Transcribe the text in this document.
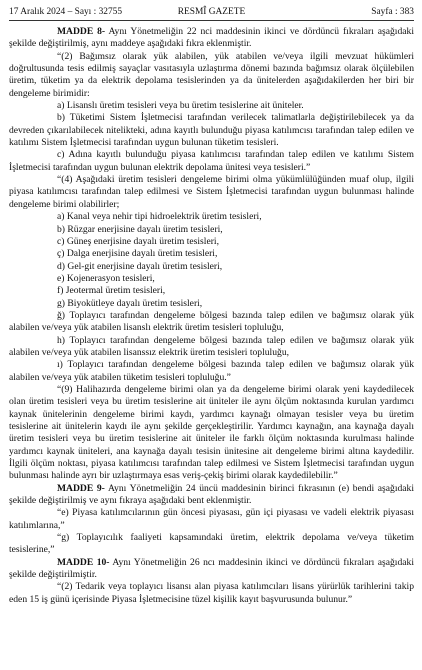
17 Aralık 2024 – Sayı : 32755	RESMÎ GAZETE	Sayfa : 383

MADDE 8- Aynı Yönetmeliğin 22 nci maddesinin ikinci ve dördüncü fıkraları aşağıdaki şekilde değiştirilmiş, aynı maddeye aşağıdaki fıkra eklenmiştir.

“(2) Bağımsız olarak yük alabilen, yük atabilen ve/veya ilgili mevzuat hükümleri doğrultusunda tesis edilmiş sayaçlar vasıtasıyla uzlaştırma dönemi bazında bağımsız olarak ölçülebilen üretim, tüketim ya da elektrik depolama tesislerinden ya da ünitelerden aşağıdakilerden her biri bir dengeleme birimidir:

a) Lisanslı üretim tesisleri veya bu üretim tesislerine ait üniteler.

b) Tüketimi Sistem İşletmecisi tarafından verilecek talimatlarla değiştirilebilecek ya da devreden çıkarılabilecek nitelikteki, adına kayıtlı bulunduğu piyasa katılımcısı tarafından talep edilen ve katılımı Sistem İşletmecisi tarafından uygun bulunan tüketim tesisleri.

c) Adına kayıtlı bulunduğu piyasa katılımcısı tarafından talep edilen ve katılımı Sistem İşletmecisi tarafından uygun bulunan elektrik depolama ünitesi veya tesisleri.”

“(4) Aşağıdaki üretim tesisleri dengeleme birimi olma yükümlülüğünden muaf olup, ilgili piyasa katılımcısı tarafından talep edilmesi ve Sistem İşletmecisi tarafından uygun bulunması halinde dengeleme birimi olabilirler;

a) Kanal veya nehir tipi hidroelektrik üretim tesisleri,

b) Rüzgar enerjisine dayalı üretim tesisleri,

c) Güneş enerjisine dayalı üretim tesisleri,

ç) Dalga enerjisine dayalı üretim tesisleri,

d) Gel-git enerjisine dayalı üretim tesisleri,

e) Kojenerasyon tesisleri,

f) Jeotermal üretim tesisleri,

g) Biyokütleye dayalı üretim tesisleri,

ğ) Toplayıcı tarafından dengeleme bölgesi bazında talep edilen ve bağımsız olarak yük alabilen ve/veya yük atabilen lisanslı elektrik üretim tesisleri topluluğu,

h) Toplayıcı tarafından dengeleme bölgesi bazında talep edilen ve bağımsız olarak yük alabilen ve/veya yük atabilen lisanssız elektrik üretim tesisleri topluluğu,

ı) Toplayıcı tarafından dengeleme bölgesi bazında talep edilen ve bağımsız olarak yük alabilen ve/veya yük atabilen tüketim tesisleri topluluğu.”

“(9) Halihazırda dengeleme birimi olan ya da dengeleme birimi olarak yeni kaydedilecek olan üretim tesisleri veya bu üretim tesislerine ait üniteler ile aynı ölçüm noktasında kurulan yardımcı kaynak ünitelerinin dengeleme birimi kaydı, yardımcı kaynağı olmayan tesisler veya bu üretim tesislerine ait ünitelerin kaydı ile aynı şekilde gerçekleştirilir. Yardımcı kaynağın, ana kaynağa dayalı üretim tesisleri veya bu üretim tesislerine ait üniteler ile farklı ölçüm noktasında kurulması halinde yardımcı kaynak üniteleri, ana kaynağa dayalı tesisin ünitesine ait dengeleme birimi altına kaydedilir. İlgili ölçüm noktası, piyasa katılımcısı tarafından talep edilmesi ve Sistem İşletmecisi tarafından uygun bulunması halinde ayrı bir uzlaştırmaya esas veriş-çekiş birimi olarak kaydedilebilir.”

MADDE 9- Aynı Yönetmeliğin 24 üncü maddesinin birinci fıkrasının (e) bendi aşağıdaki şekilde değiştirilmiş ve aynı fıkraya aşağıdaki bent eklenmiştir.

“e) Piyasa katılımcılarının gün öncesi piyasası, gün içi piyasası ve vadeli elektrik piyasası katılımlarına,”

“g) Toplayıcılık faaliyeti kapsamındaki üretim, elektrik depolama ve/veya tüketim tesislerine,”

MADDE 10- Aynı Yönetmeliğin 26 ncı maddesinin ikinci ve dördüncü fıkraları aşağıdaki şekilde değiştirilmiştir.

“(2) Tedarik veya toplayıcı lisansı alan piyasa katılımcıları lisans yürürlük tarihlerini takip eden 15 iş günü içerisinde Piyasa İşletmecisine tüzel kişilik kayıt başvurusunda bulunur.”
